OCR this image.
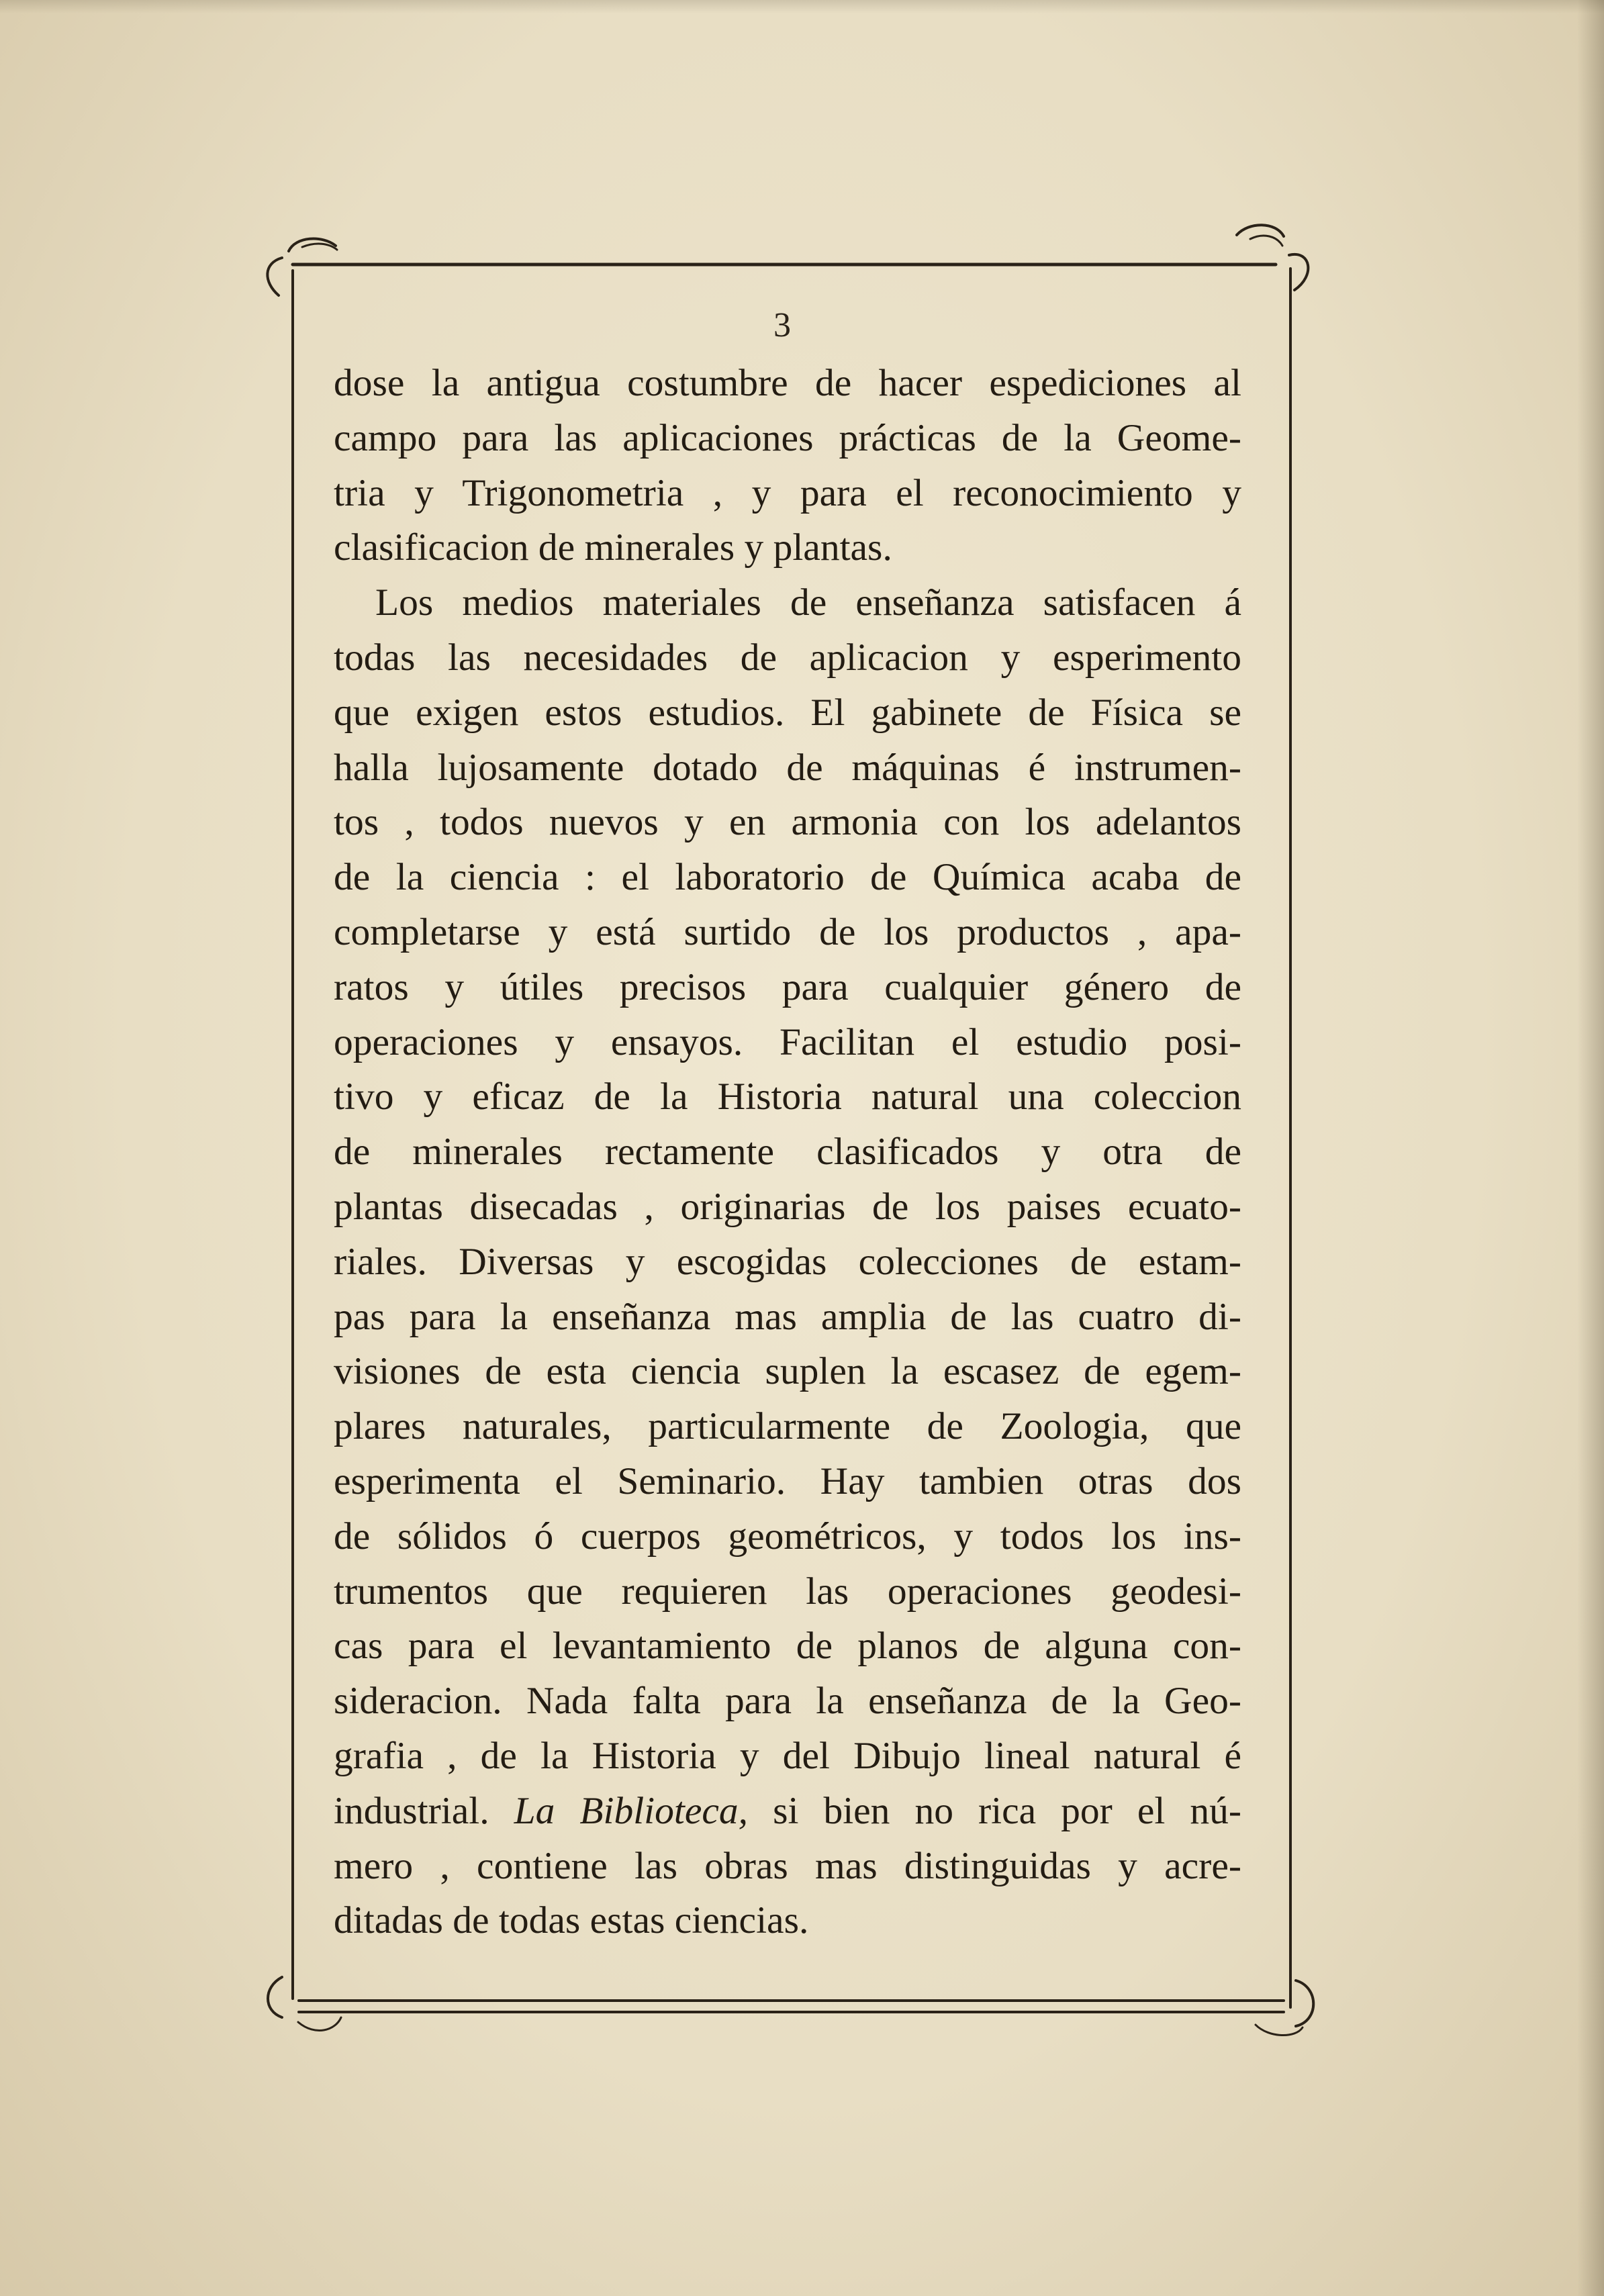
3
dose la antigua costumbre de hacer espediciones al
campo para las aplicaciones prácticas de la Geome-
tria y Trigonometria , y para el reconocimiento y
clasificacion de minerales y plantas.
Los medios materiales de enseñanza satisfacen á
todas las necesidades de aplicacion y esperimento
que exigen estos estudios. El gabinete de Física se
halla lujosamente dotado de máquinas é instrumen-
tos , todos nuevos y en armonia con los adelantos
de la ciencia : el laboratorio de Química acaba de
completarse y está surtido de los productos , apa-
ratos y útiles precisos para cualquier género de
operaciones y ensayos. Facilitan el estudio posi-
tivo y eficaz de la Historia natural una coleccion
de minerales rectamente clasificados y otra de
plantas disecadas , originarias de los paises ecuato-
riales. Diversas y escogidas colecciones de estam-
pas para la enseñanza mas amplia de las cuatro di-
visiones de esta ciencia suplen la escasez de egem-
plares naturales, particularmente de Zoologia, que
esperimenta el Seminario. Hay tambien otras dos
de sólidos ó cuerpos geométricos, y todos los ins-
trumentos que requieren las operaciones geodesi-
cas para el levantamiento de planos de alguna con-
sideracion. Nada falta para la enseñanza de la Geo-
grafia , de la Historia y del Dibujo lineal natural é
industrial. La Biblioteca, si bien no rica por el nú-
mero , contiene las obras mas distinguidas y acre-
ditadas de todas estas ciencias.
